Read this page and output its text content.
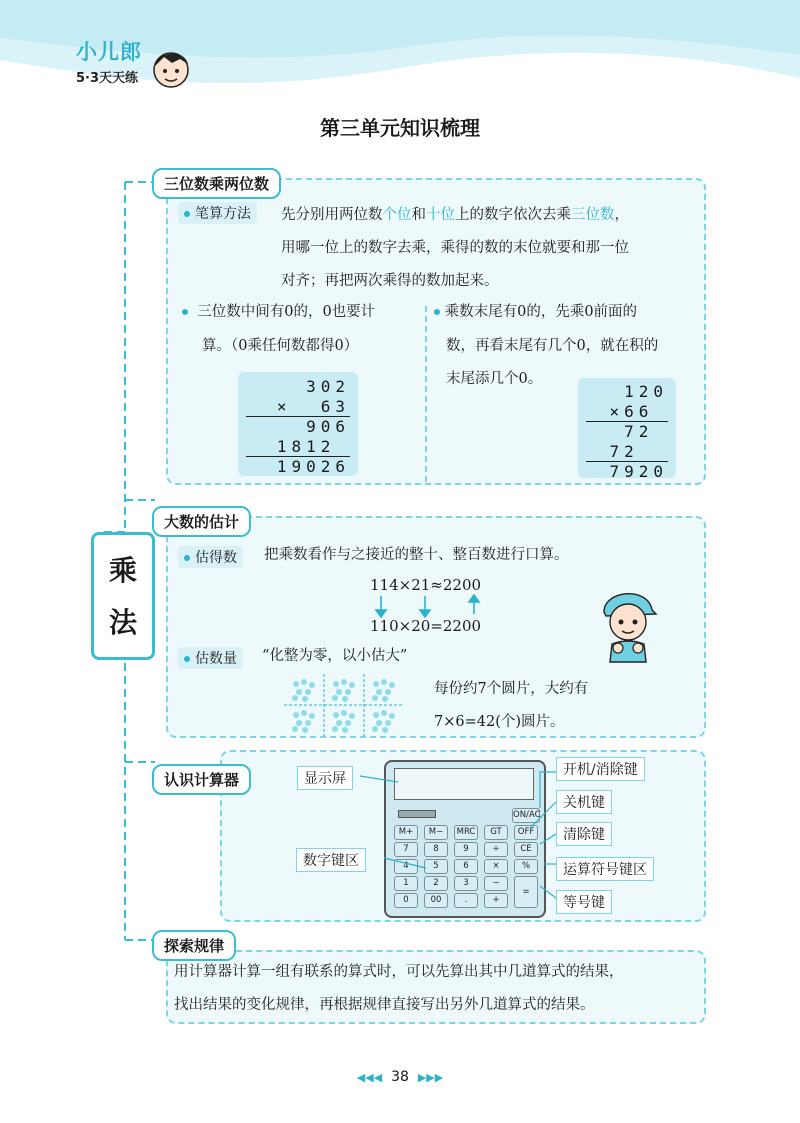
小儿郎
5·3天天练
第三单元知识梳理
乘
法
三位数乘两位数
笔算方法	先分别用两位数个位和十位上的数字依次去乘三位数，
用哪一位上的数字去乘，乘得的数的末位就要和那一位
对齐；再把两次乘得的数加起来。
三位数中间有0的，0也要计
算。（0乘任何数都得0）
302
×  63
906
1812
19026
乘数末尾有0的，先乘0前面的
数，再看末尾有几个0，就在积的
末尾添几个0。
120
×66
72
72
7920
大数的估计
估得数	把乘数看作与之接近的整十、整百数进行口算。
114×21≈2200
110×20=2200
估数量	“化整为零，以小估大”
每份约7个圆片，大约有
7×6=42(个)圆片。
认识计算器
ON/AC
M+	M−	MRC	GT	OFF
7	8	9	÷	CE
4	5	6	×	%
1	2	3	−
0	00	.	+
=
显示屏
数字键区
开机/消除键
关机键
清除键
运算符号键区
等号键
探索规律
用计算器计算一组有联系的算式时，可以先算出其中几道算式的结果，
找出结果的变化规律，再根据规律直接写出另外几道算式的结果。
◀◀◀ 38 ▶▶▶
